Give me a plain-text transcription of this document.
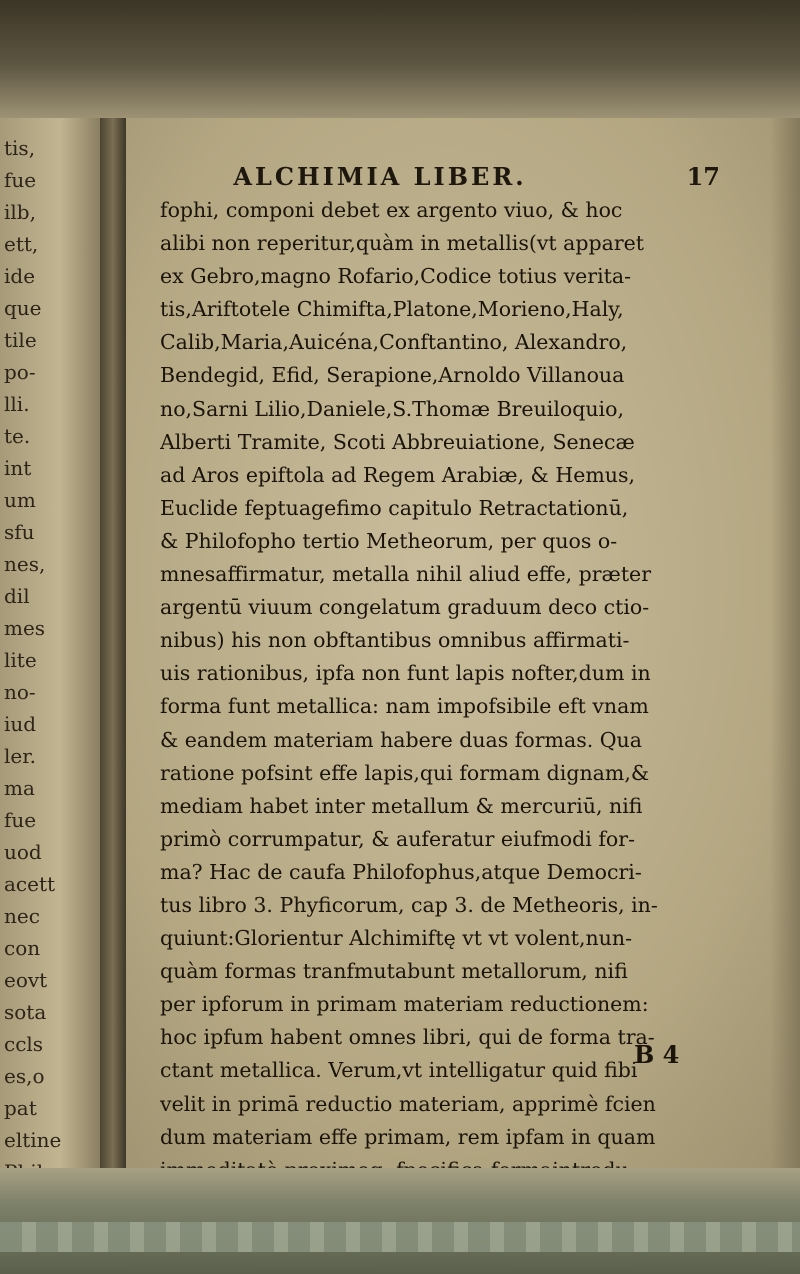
tis,
fue
ilb,
ett,
ide
que
tile
po-
lli.
te.
int
um
sfu
nes,
dil
mes
lite
no-
iud
ler.
ma
fue
uod
acett
nec
con
eovt
sota
ccls
es,o
pat
eltine
ALCHIMIA LIBER.	17
fophi, componi debet ex argento viuo, & hoc
alibi non reperitur,quàm in metallis(vt apparet
ex Gebro,magno Rofario,Codice totius verita-
tis,Ariftotele Chimifta,Platone,Morieno,Haly,
Calib,Maria,Auicéna,Conftantino, Alexandro,
Bendegid, Efid, Serapione,Arnoldo Villanoua
no,Sarni Lilio,Daniele,S.Thomæ Breuiloquio,
Alberti Tramite, Scoti Abbreuiatione, Senecæ
ad Aros epiftola ad Regem Arabiæ, & Hemus,
Euclide feptuagefimo capitulo Retractationū,
& Philofopho tertio Metheorum, per quos o-
mnesaffirmatur, metalla nihil aliud effe, præter
argentū viuum congelatum graduum deco ctio-
nibus) his non obftantibus omnibus affirmati-
uis rationibus, ipfa non funt lapis nofter,dum in
forma funt metallica: nam impofsibile eft vnam
& eandem materiam habere duas formas. Qua
ratione pofsint effe lapis,qui formam dignam,&
mediam habet inter metallum & mercuriū, nifi
primò corrumpatur, & auferatur eiufmodi for-
ma? Hac de caufa Philofophus,atque Democri-
tus libro 3. Phyficorum, cap 3. de Metheoris, in-
quiunt:Glorientur Alchimiftę vt vt volent,nun-
quàm formas tranfmutabunt metallorum, nifi
per ipforum in primam materiam reductionem:
hoc ipfum habent omnes libri, qui de forma tra-
ctant metallica. Verum,vt intelligatur quid fibi
velit in primā reductio materiam, apprimè fcien
dum materiam effe primam, rem ipfam in quam
B 4
